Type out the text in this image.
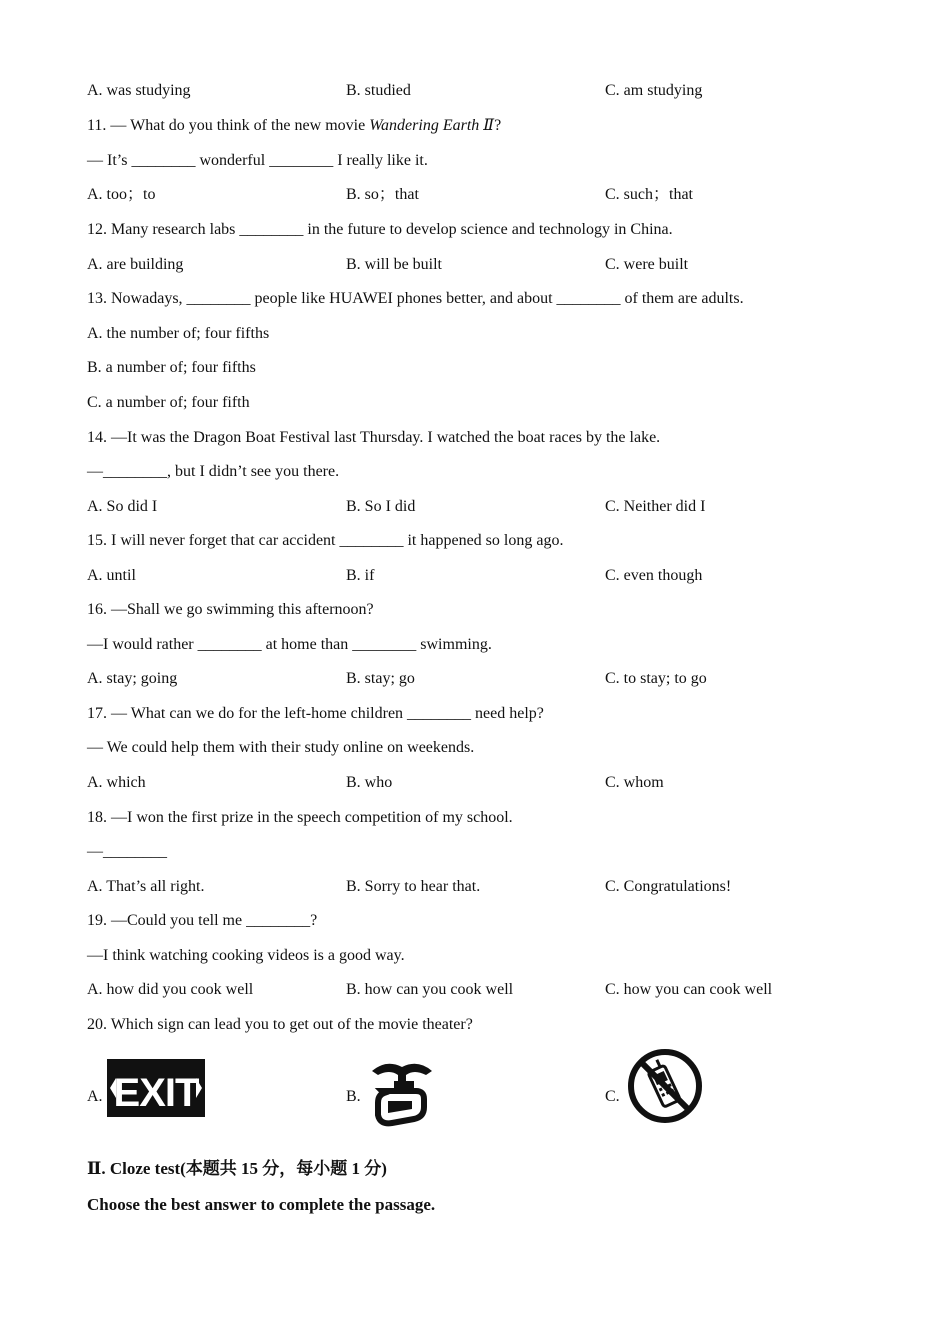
A. was studying	B. studied	C. am studying
11. — What do you think of the new movie Wandering Earth Ⅱ?
— It’s ________ wonderful ________ I really like it.
A. too；to	B. so；that	C. such；that
12. Many research labs ________ in the future to develop science and technology in China.
A. are building	B. will be built	C. were built
13. Nowadays, ________ people like HUAWEI phones better, and about ________ of them are adults.
A. the number of; four fifths
B. a number of; four fifths
C. a number of; four fifth
14. —It was the Dragon Boat Festival last Thursday. I watched the boat races by the lake.
—________, but I didn’t see you there.
A. So did I	B. So I did	C. Neither did I
15. I will never forget that car accident ________ it happened so long ago.
A. until	B. if	C. even though
16. —Shall we go swimming this afternoon?
—I would rather ________ at home than ________ swimming.
A. stay; going	B. stay; go	C. to stay; to go
17. — What can we do for the left-home children ________ need help?
— We could help them with their study online on weekends.
A. which	B. who	C. whom
18. —I won the first prize in the speech competition of my school.
—________
A. That’s all right.	B. Sorry to hear that.	C. Congratulations!
19. —Could you tell me ________?
—I think watching cooking videos is a good way.
A. how did you cook well	B. how can you cook well	C. how you can cook well
20. Which sign can lead you to get out of the movie theater?
A. EXIT	B.	C.
Ⅱ. Cloze test(本题共 15 分，每小题 1 分)
Choose the best answer to complete the passage.
